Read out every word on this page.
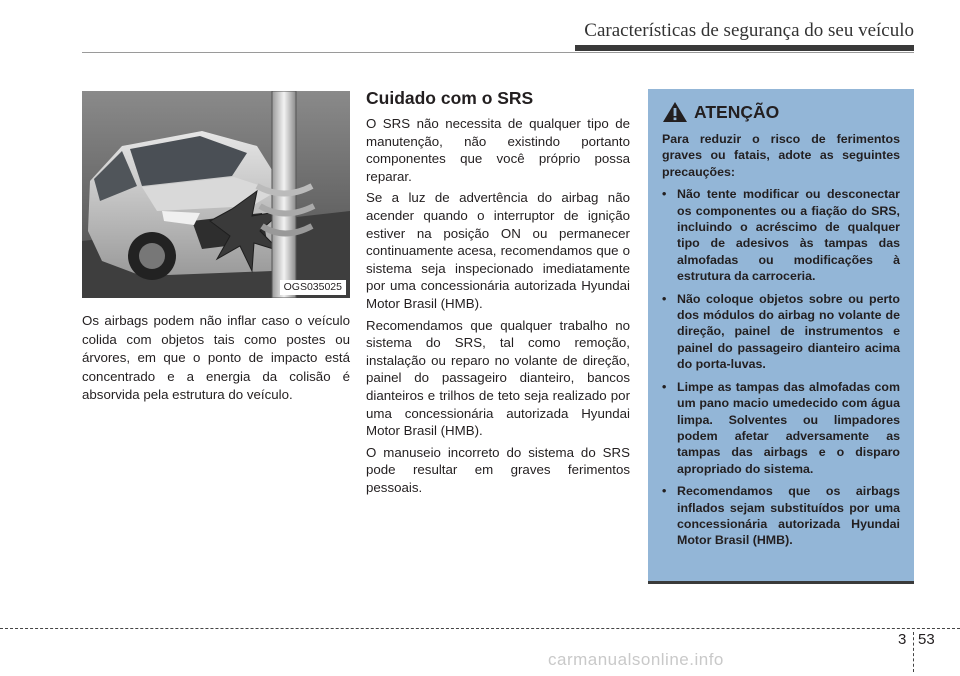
Características de segurança do seu veículo
OGS035025
Os airbags podem não inflar caso o veículo colida com objetos tais como postes ou árvores, em que o ponto de impacto está concentrado e a energia da colisão é absorvida pela estrutura do veículo.
Cuidado com o SRS

O SRS não necessita de qualquer tipo de manutenção, não existindo portanto componentes que você próprio possa reparar.

Se a luz de advertência do airbag não acender quando o interruptor de ignição estiver na posição ON ou permanecer continuamente acesa, recomendamos que o sistema seja inspecionado imediatamente por uma concessionária autorizada Hyundai Motor Brasil (HMB).

Recomendamos que qualquer trabalho no sistema do SRS, tal como remoção, instalação ou reparo no volante de direção, painel do passageiro dianteiro, bancos dianteiros e trilhos de teto seja realizado por uma concessionária autorizada Hyundai Motor Brasil (HMB).

O manuseio incorreto do sistema do SRS pode resultar em graves ferimentos pessoais.

ATENÇÃO
Para reduzir o risco de ferimentos graves ou fatais, adote as seguintes precauções:
• Não tente modificar ou desconectar os componentes ou a fiação do SRS, incluindo o acréscimo de qualquer tipo de adesivos às tampas das almofadas ou modificações à estrutura da carroceria.
• Não coloque objetos sobre ou perto dos módulos do airbag no volante de direção, painel de instrumentos e painel do passageiro dianteiro acima do porta-luvas.
• Limpe as tampas das almofadas com um pano macio umedecido com água limpa. Solventes ou limpadores podem afetar adversamente as tampas das airbags e o disparo apropriado do sistema.
• Recomendamos que os airbags inflados sejam substituídos por uma concessionária autorizada Hyundai Motor Brasil (HMB).
3 53
carmanualsonline.info
